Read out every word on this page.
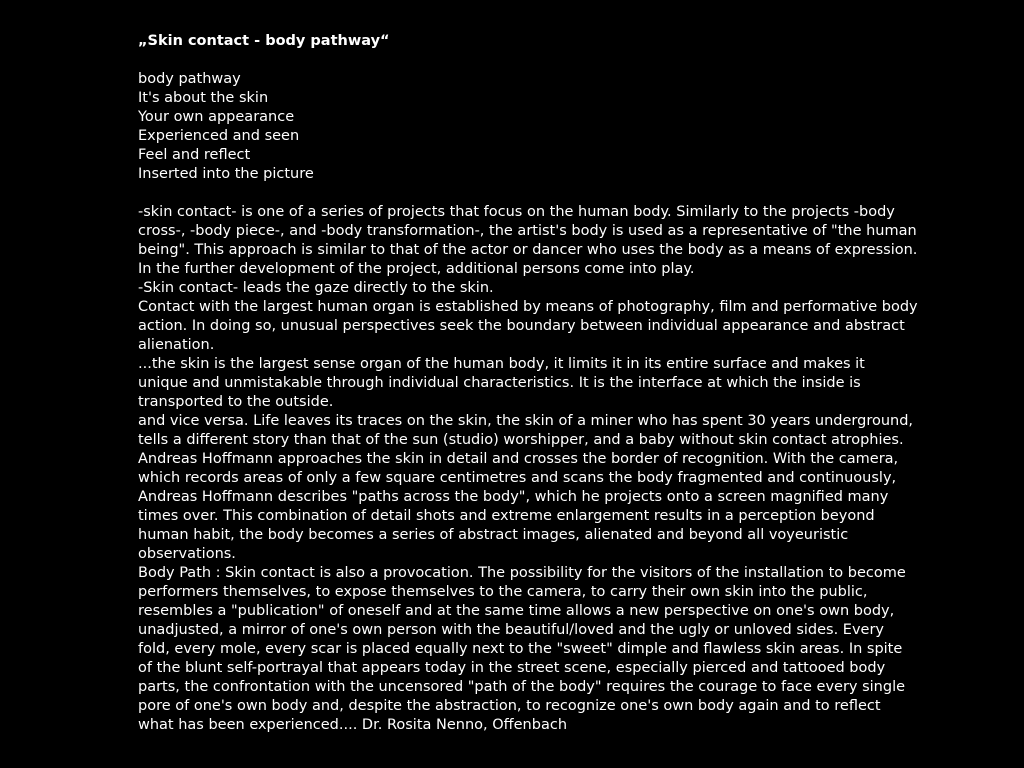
„Skin contact - body pathway“
body pathway
It's about the skin
Your own appearance
Experienced and seen
Feel and reflect
Inserted into the picture
-skin contact- is one of a series of projects that focus on the human body. Similarly to the projects -body
cross-, -body piece-, and -body transformation-, the artist's body is used as a representative of "the human
being". This approach is similar to that of the actor or dancer who uses the body as a means of expression.
In the further development of the project, additional persons come into play.
-Skin contact- leads the gaze directly to the skin.
Contact with the largest human organ is established by means of photography, film and performative body
action. In doing so, unusual perspectives seek the boundary between individual appearance and abstract
alienation.
...the skin is the largest sense organ of the human body, it limits it in its entire surface and makes it
unique and unmistakable through individual characteristics. It is the interface at which the inside is
transported to the outside.
and vice versa. Life leaves its traces on the skin, the skin of a miner who has spent 30 years underground,
tells a different story than that of the sun (studio) worshipper, and a baby without skin contact atrophies.
Andreas Hoffmann approaches the skin in detail and crosses the border of recognition. With the camera,
which records areas of only a few square centimetres and scans the body fragmented and continuously,
Andreas Hoffmann describes "paths across the body", which he projects onto a screen magnified many
times over. This combination of detail shots and extreme enlargement results in a perception beyond
human habit, the body becomes a series of abstract images, alienated and beyond all voyeuristic
observations.
Body Path : Skin contact is also a provocation. The possibility for the visitors of the installation to become
performers themselves, to expose themselves to the camera, to carry their own skin into the public,
resembles a "publication" of oneself and at the same time allows a new perspective on one's own body,
unadjusted, a mirror of one's own person with the beautiful/loved and the ugly or unloved sides. Every
fold, every mole, every scar is placed equally next to the "sweet" dimple and flawless skin areas. In spite
of the blunt self-portrayal that appears today in the street scene, especially pierced and tattooed body
parts, the confrontation with the uncensored "path of the body" requires the courage to face every single
pore of one's own body and, despite the abstraction, to recognize one's own body again and to reflect
what has been experienced.... Dr. Rosita Nenno, Offenbach
